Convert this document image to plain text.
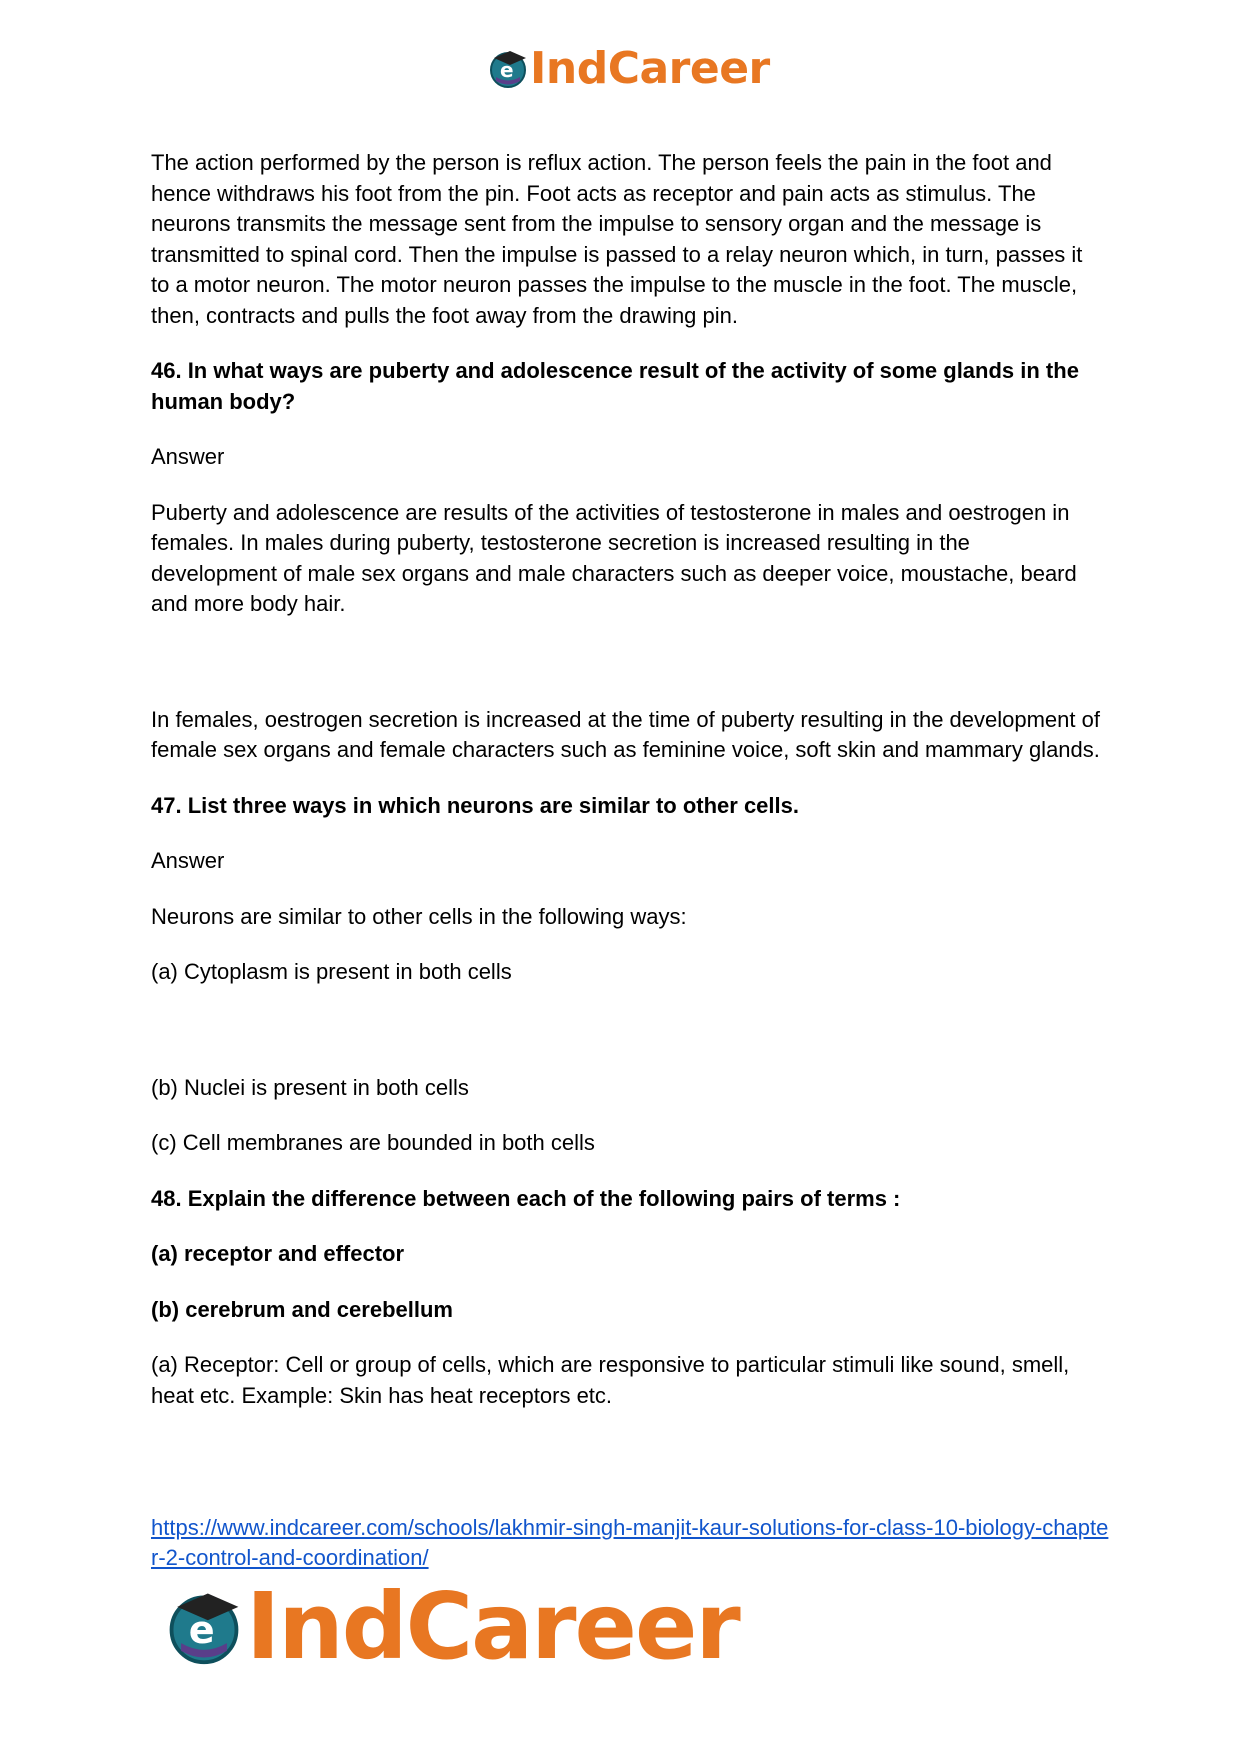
e IndCareer

The action performed by the person is reflux action. The person feels the pain in the foot and hence withdraws his foot from the pin. Foot acts as receptor and pain acts as stimulus. The neurons transmits the message sent from the impulse to sensory organ and the message is transmitted to spinal cord. Then the impulse is passed to a relay neuron which, in turn, passes it to a motor neuron. The motor neuron passes the impulse to the muscle in the foot. The muscle, then, contracts and pulls the foot away from the drawing pin.

46. In what ways are puberty and adolescence result of the activity of some glands in the human body?

Answer

Puberty and adolescence are results of the activities of testosterone in males and oestrogen in females. In males during puberty, testosterone secretion is increased resulting in the development of male sex organs and male characters such as deeper voice, moustache, beard and more body hair.

In females, oestrogen secretion is increased at the time of puberty resulting in the development of female sex organs and female characters such as feminine voice, soft skin and mammary glands.

47. List three ways in which neurons are similar to other cells.

Answer

Neurons are similar to other cells in the following ways:

(a) Cytoplasm is present in both cells

(b) Nuclei is present in both cells

(c) Cell membranes are bounded in both cells

48. Explain the difference between each of the following pairs of terms :

(a) receptor and effector

(b) cerebrum and cerebellum

(a) Receptor: Cell or group of cells, which are responsive to particular stimuli like sound, smell, heat etc. Example: Skin has heat receptors etc.

https://www.indcareer.com/schools/lakhmir-singh-manjit-kaur-solutions-for-class-10-biology-chapter-2-control-and-coordination/
e IndCareer
